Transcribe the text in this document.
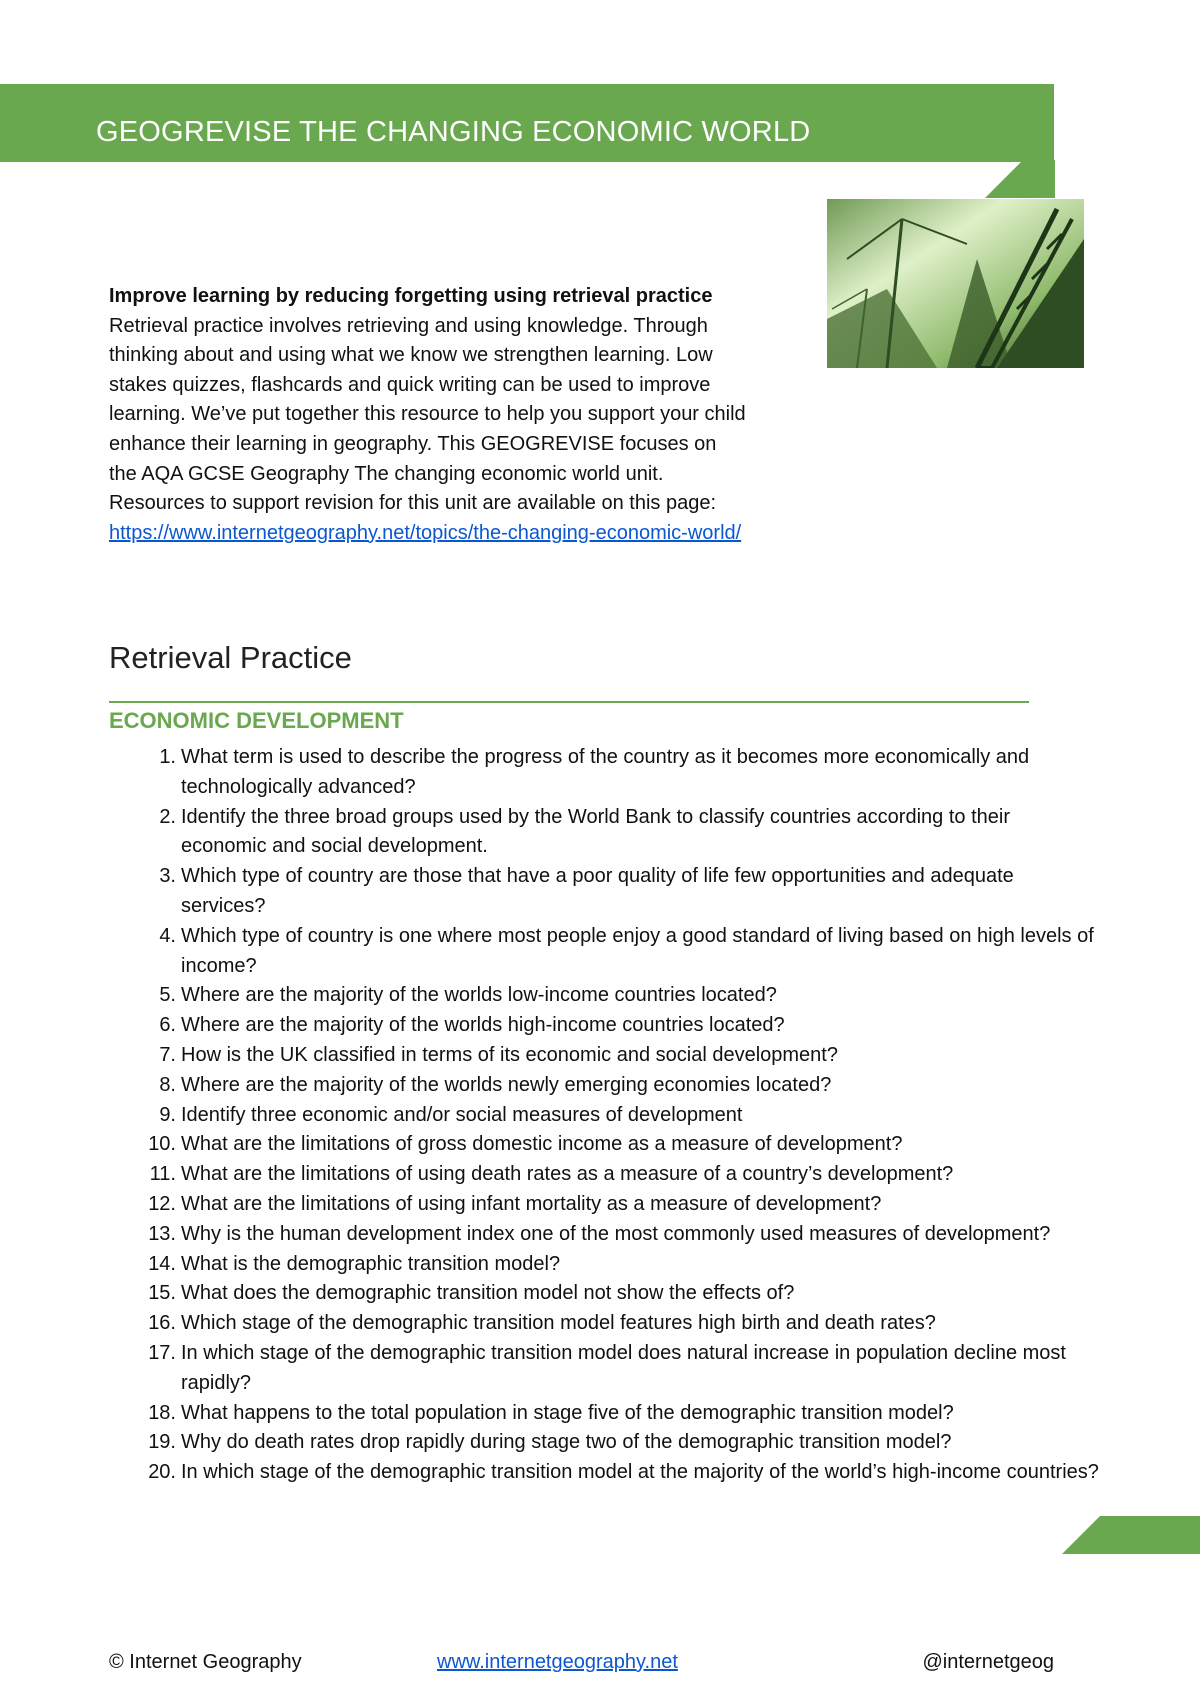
GEOGREVISE THE CHANGING ECONOMIC WORLD
Improve learning by reducing forgetting using retrieval practice
Retrieval practice involves retrieving and using knowledge. Through thinking about and using what we know we strengthen learning. Low stakes quizzes, flashcards and quick writing can be used to improve learning. We’ve put together this resource to help you support your child enhance their learning in geography. This GEOGREVISE focuses on the AQA GCSE Geography The changing economic world unit. Resources to support revision for this unit are available on this page:
https://www.internetgeography.net/topics/the-changing-economic-world/
Retrieval Practice
ECONOMIC DEVELOPMENT
1. What term is used to describe the progress of the country as it becomes more economically and technologically advanced?
2. Identify the three broad groups used by the World Bank to classify countries according to their economic and social development.
3. Which type of country are those that have a poor quality of life few opportunities and adequate services?
4. Which type of country is one where most people enjoy a good standard of living based on high levels of income?
5. Where are the majority of the worlds low-income countries located?
6. Where are the majority of the worlds high-income countries located?
7. How is the UK classified in terms of its economic and social development?
8. Where are the majority of the worlds newly emerging economies located?
9. Identify three economic and/or social measures of development
10. What are the limitations of gross domestic income as a measure of development?
11. What are the limitations of using death rates as a measure of a country’s development?
12. What are the limitations of using infant mortality as a measure of development?
13. Why is the human development index one of the most commonly used measures of development?
14. What is the demographic transition model?
15. What does the demographic transition model not show the effects of?
16. Which stage of the demographic transition model features high birth and death rates?
17. In which stage of the demographic transition model does natural increase in population decline most rapidly?
18. What happens to the total population in stage five of the demographic transition model?
19. Why do death rates drop rapidly during stage two of the demographic transition model?
20. In which stage of the demographic transition model at the majority of the world’s high-income countries?
© Internet Geography	www.internetgeography.net	@internetgeog
